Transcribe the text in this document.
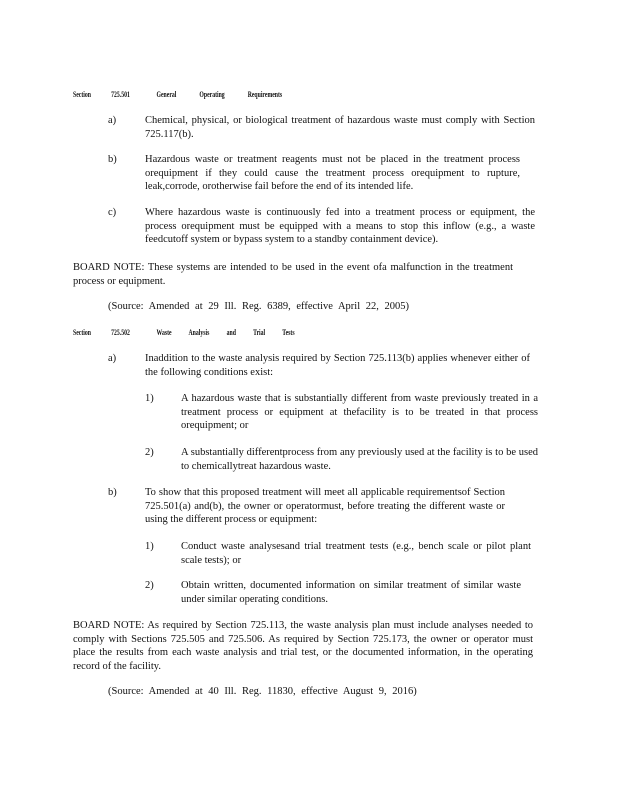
Section	725.501	General Operating Requirements
a)	Chemical, physical, or biological treatment of hazardous waste must comply with Section 725.117(b).
b)	Hazardous waste or treatment reagents must not be placed in the treatment process orequipment if they could cause the treatment process orequipment to rupture, leak,corrode, orotherwise fail before the end of its intended life.
c)	Where hazardous waste is continuously fed into a treatment process or equipment, the process orequipment must be equipped with a means to stop this inflow (e.g., a waste feedcutoff system or bypass system to a standby containment device).
BOARD NOTE: These systems are intended to be used in the event ofa malfunction in the treatment process or equipment.
(Source: Amended at 29 Ill. Reg. 6389, effective April 22, 2005)
Section	725.502	Waste Analysis and Trial Tests
a)	Inaddition to the waste analysis required by Section 725.113(b) applies whenever either of the following conditions exist:
1)	A hazardous waste that is substantially different from waste previously treated in a treatment process or equipment at thefacility is to be treated in that process orequipment; or
2)	A substantially differentprocess from any previously used at the facility is to be used to chemicallytreat hazardous waste.
b)	To show that this proposed treatment will meet all applicable requirementsof Section 725.501(a) and(b), the owner or operatormust, before treating the different waste or using the different process or equipment:
1)	Conduct waste analysesand trial treatment tests (e.g., bench scale or pilot plant scale tests); or
2)	Obtain written, documented information on similar treatment of similar waste under similar operating conditions.
BOARD NOTE: As required by Section 725.113, the waste analysis plan must include analyses needed to comply with Sections 725.505 and 725.506. As required by Section 725.173, the owner or operator must place the results from each waste analysis and trial test, or the documented information, in the operating record of the facility.
(Source: Amended at 40 Ill. Reg. 11830, effective August 9, 2016)
